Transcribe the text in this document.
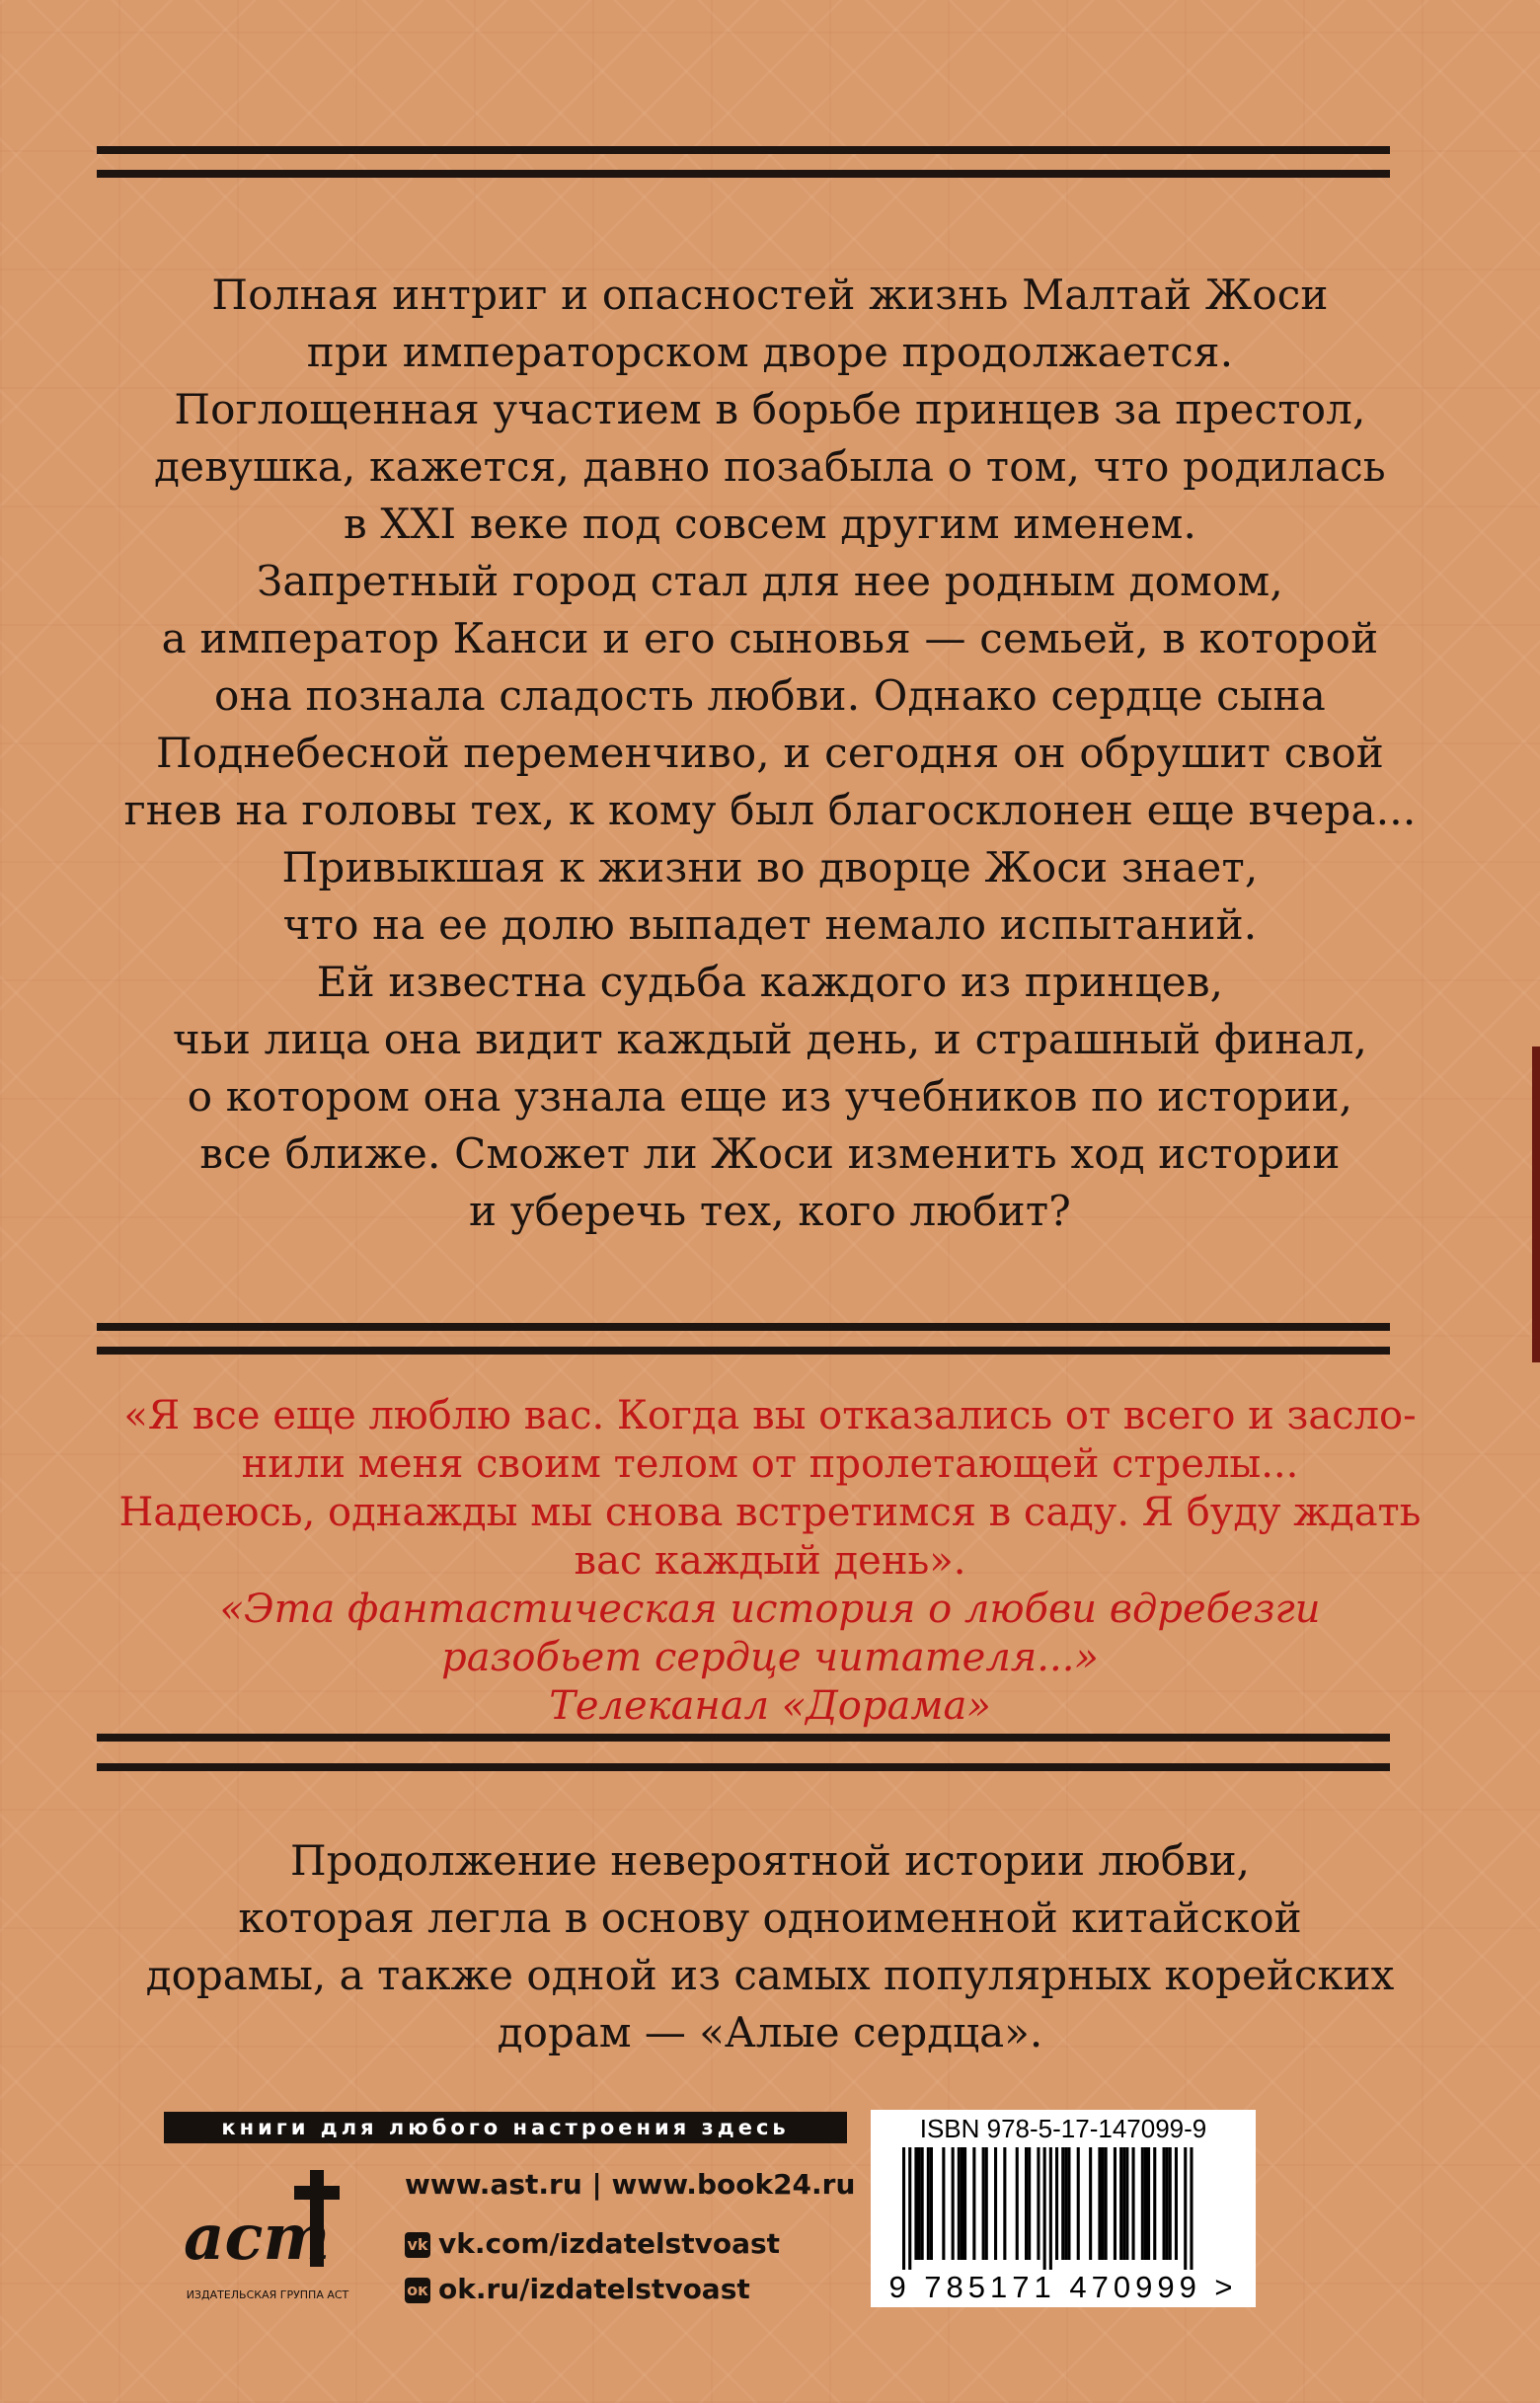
Полная интриг и опасностей жизнь Малтай Жоси

при императорском дворе продолжается.

Поглощенная участием в борьбе принцев за престол,

девушка, кажется, давно позабыла о том, что родилась

в XXI веке под совсем другим именем.

Запретный город стал для нее родным домом,

а император Канси и его сыновья — семьей, в которой

она познала сладость любви. Однако сердце сына

Поднебесной переменчиво, и сегодня он обрушит свой

гнев на головы тех, к кому был благосклонен еще вчера...

Привыкшая к жизни во дворце Жоси знает,

что на ее долю выпадет немало испытаний.

Ей известна судьба каждого из принцев,

чьи лица она видит каждый день, и страшный финал,

о котором она узнала еще из учебников по истории,

все ближе. Сможет ли Жоси изменить ход истории

и уберечь тех, кого любит?

«Я все еще люблю вас. Когда вы отказались от всего и засло-

нили меня своим телом от пролетающей стрелы...

Надеюсь, однажды мы снова встретимся в саду. Я буду ждать

вас каждый день».

«Эта фантастическая история о любви вдребезги

разобьет сердце читателя...»

Телеканал «Дорама»

Продолжение невероятной истории любви,

которая легла в основу одноименной китайской

дорамы, а также одной из самых популярных корейских

дорам — «Алые сердца».

книги для любого настроения здесь
аст
ИЗДАТЕЛЬСКАЯ ГРУППА АСТ
www.ast.ru | www.book24.ru
vk vk.com/izdatelstvoast
ок ok.ru/izdatelstvoast
ISBN 978-5-17-147099-9
9 785171 470999 >
